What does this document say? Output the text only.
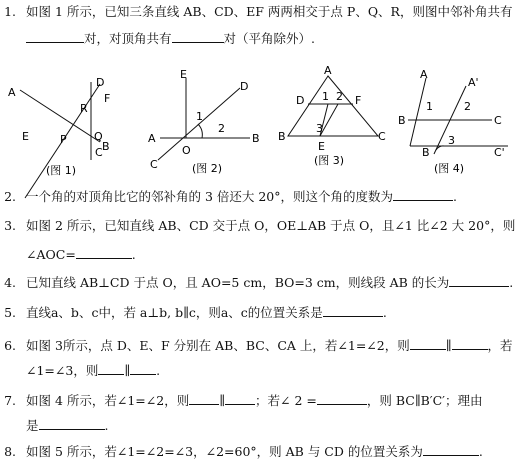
1. 如图 1 所示，已知三条直线 AB、CD、EF 两两相交于点 P、Q、R，则图中邻补角共有
对，对顶角共有	对（平角除外）.
A
B
E
D
F
P Q
R
C
(图 1)
E
A	B
C
D
O
1
2
(图 2)
A
D	F
B	C
E
1 2
3
(图 3)
A
A'
B	C
B	C'
1	2
3
(图 4)
2. 一个角的对顶角比它的邻补角的 3 倍还大 20°，则这个角的度数为	.
3. 如图 2 所示，已知直线 AB、CD 交于点 O，OE⊥AB 于点 O，且∠1 比∠2 大 20°，则
∠AOC=	.
4. 已知直线 AB⊥CD 于点 O，且 AO=5 cm，BO=3 cm，则线段 AB 的长为	.
5. 直线a、b、c中，若 a⊥b, b∥c，则a、c的位置关系是	.
6. 如图 3所示，点 D、E、F 分别在 AB、BC、CA 上，若∠1=∠2，则	∥	，若
∠1=∠3，则 ∥ .
7. 如图 4 所示，若∠1=∠2，则 ∥ ；若∠ 2 =	，则 BC∥B′C′；理由
是	.
8. 如图 5 所示，若∠1=∠2=∠3，∠2=60°，则 AB 与 CD 的位置关系为	.
